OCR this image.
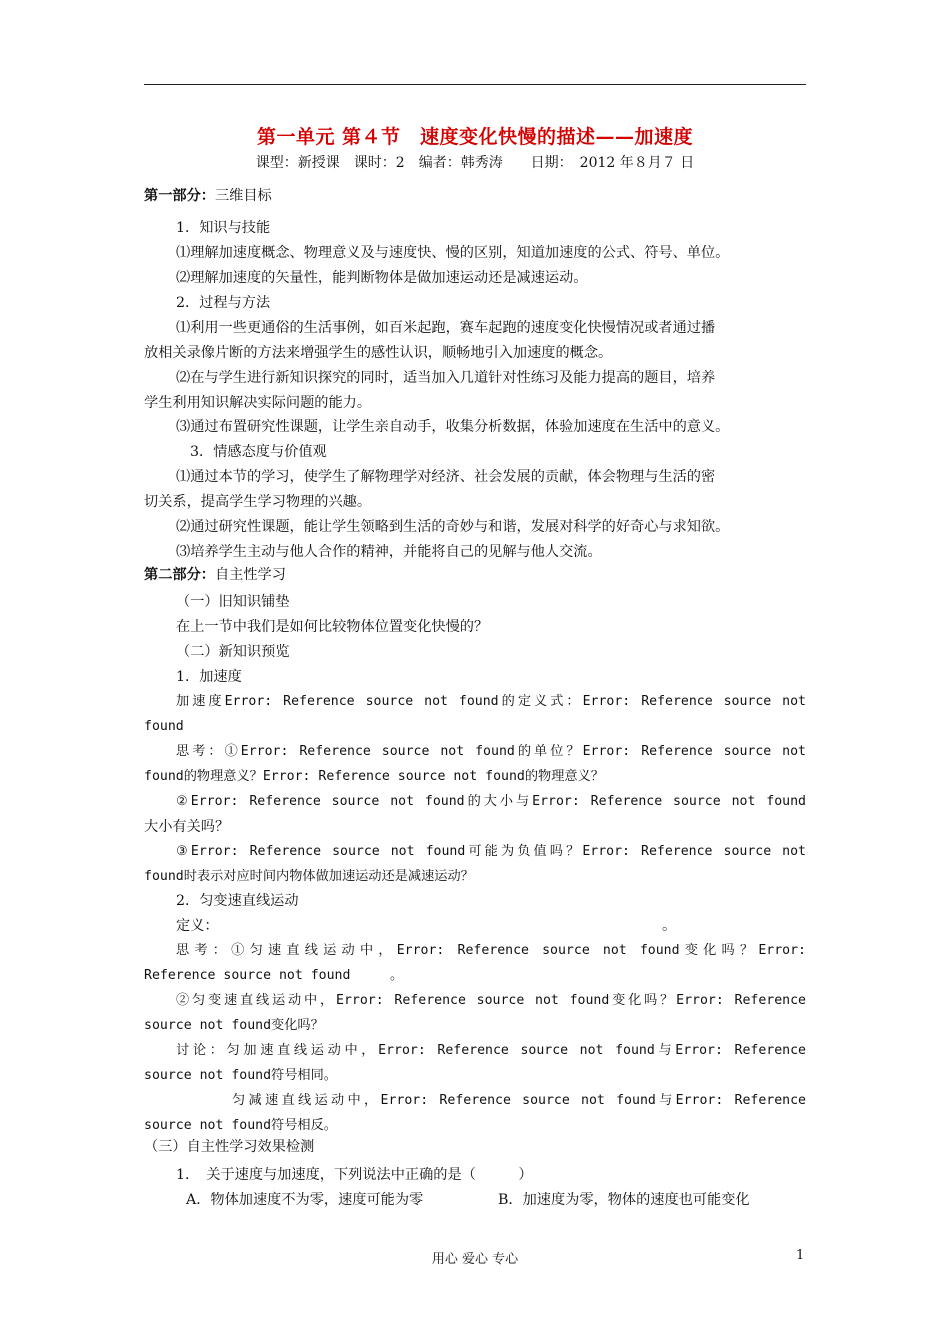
第一单元 第４节　速度变化快慢的描述——加速度
课型：新授课　课时：2　编者：韩秀涛　　日期：　2012 年８月７ 日
第一部分：三维目标
1．知识与技能
⑴理解加速度概念、物理意义及与速度快、慢的区别，知道加速度的公式、符号、单位。
⑵理解加速度的矢量性，能判断物体是做加速运动还是减速运动。
2．过程与方法
⑴利用一些更通俗的生活事例，如百米起跑，赛车起跑的速度变化快慢情况或者通过播
放相关录像片断的方法来增强学生的感性认识，顺畅地引入加速度的概念。
⑵在与学生进行新知识探究的同时，适当加入几道针对性练习及能力提高的题目，培养
学生利用知识解决实际问题的能力。
⑶通过布置研究性课题，让学生亲自动手，收集分析数据，体验加速度在生活中的意义。
3．情感态度与价值观
⑴通过本节的学习，使学生了解物理学对经济、社会发展的贡献，体会物理与生活的密
切关系，提高学生学习物理的兴趣。
⑵通过研究性课题，能让学生领略到生活的奇妙与和谐，发展对科学的好奇心与求知欲。
⑶培养学生主动与他人合作的精神，并能将自己的见解与他人交流。
第二部分：自主性学习
（一）旧知识铺垫
在上一节中我们是如何比较物体位置变化快慢的？
（二）新知识预览
1．加速度
加速度Error: Reference source not found的定义式：Error: Reference source not
found
思考：①Error: Reference source not found的单位？Error: Reference source not
found的物理意义？Error: Reference source not found的物理意义？
②Error: Reference source not found的大小与Error: Reference source not found
大小有关吗？
③Error: Reference source not found可能为负值吗？Error: Reference source not
found时表示对应时间内物体做加速运动还是减速运动？
2．匀变速直线运动
定义：	。
思考：①匀速直线运动中，Error: Reference source not found变化吗？Error:
Reference source not found　　　。
②匀变速直线运动中，Error: Reference source not found变化吗？Error: Reference
source not found变化吗？
讨论：匀加速直线运动中，Error: Reference source not found与Error: Reference
source not found符号相同。
匀减速直线运动中，Error: Reference source not found与Error: Reference
source not found符号相反。
（三）自主性学习效果检测
1．　关于速度与加速度，下列说法中正确的是（　　　）
A．物体加速度不为零，速度可能为零	B．加速度为零，物体的速度也可能变化
用心 爱心 专心	1
